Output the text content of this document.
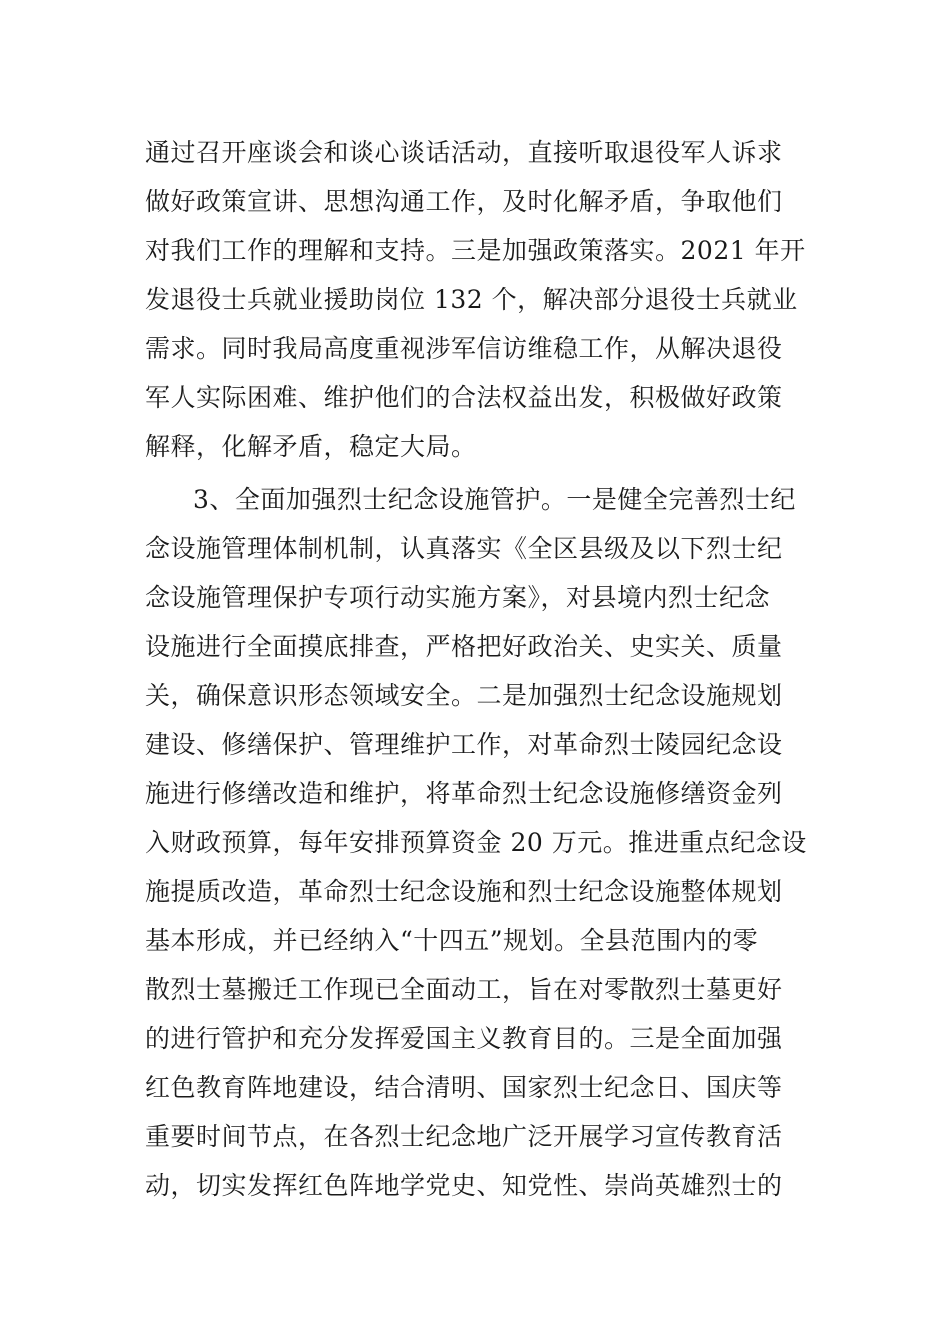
通过召开座谈会和谈心谈话活动，直接听取退役军人诉求
做好政策宣讲、思想沟通工作，及时化解矛盾，争取他们
对我们工作的理解和支持。三是加强政策落实。2021 年开
发退役士兵就业援助岗位 132 个，解决部分退役士兵就业
需求。同时我局高度重视涉军信访维稳工作，从解决退役
军人实际困难、维护他们的合法权益出发，积极做好政策
解释，化解矛盾，稳定大局。
3、全面加强烈士纪念设施管护。一是健全完善烈士纪
念设施管理体制机制，认真落实《全区县级及以下烈士纪
念设施管理保护专项行动实施方案》，对县境内烈士纪念
设施进行全面摸底排查，严格把好政治关、史实关、质量
关，确保意识形态领域安全。二是加强烈士纪念设施规划
建设、修缮保护、管理维护工作，对革命烈士陵园纪念设
施进行修缮改造和维护，将革命烈士纪念设施修缮资金列
入财政预算，每年安排预算资金 20 万元。推进重点纪念设
施提质改造，革命烈士纪念设施和烈士纪念设施整体规划
基本形成，并已经纳入“十四五”规划。全县范围内的零
散烈士墓搬迁工作现已全面动工，旨在对零散烈士墓更好
的进行管护和充分发挥爱国主义教育目的。三是全面加强
红色教育阵地建设，结合清明、国家烈士纪念日、国庆等
重要时间节点，在各烈士纪念地广泛开展学习宣传教育活
动，切实发挥红色阵地学党史、知党性、崇尚英雄烈士的
